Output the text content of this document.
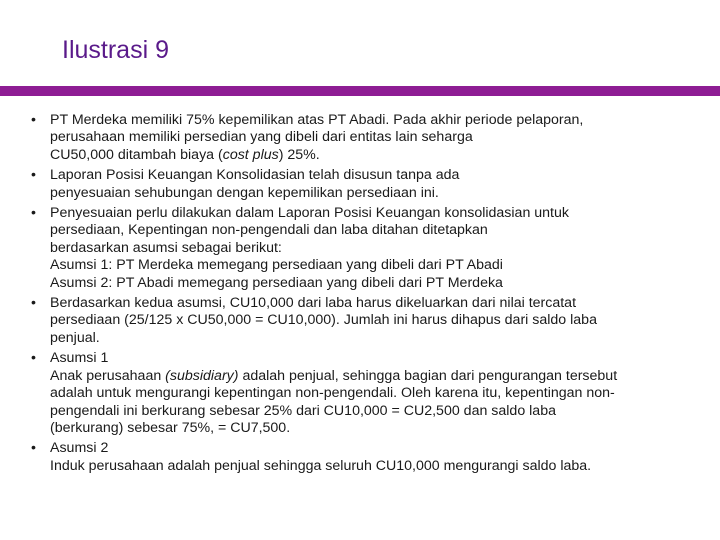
Ilustrasi 9
• PT Merdeka memiliki 75% kepemilikan atas PT Abadi. Pada akhir periode pelaporan,
perusahaan memiliki persedian yang dibeli dari entitas lain seharga
CU50,000 ditambah biaya (cost plus) 25%.
• Laporan Posisi Keuangan Konsolidasian telah disusun tanpa ada
penyesuaian sehubungan dengan kepemilikan persediaan ini.
• Penyesuaian perlu dilakukan dalam Laporan Posisi Keuangan konsolidasian untuk
persediaan, Kepentingan non-pengendali dan laba ditahan ditetapkan
berdasarkan asumsi sebagai berikut:
Asumsi 1: PT Merdeka memegang persediaan yang dibeli dari PT Abadi
Asumsi 2: PT Abadi memegang persediaan yang dibeli dari PT Merdeka
• Berdasarkan kedua asumsi, CU10,000 dari laba harus dikeluarkan dari nilai tercatat
persediaan (25/125 x CU50,000 = CU10,000). Jumlah ini harus dihapus dari saldo laba
penjual.
• Asumsi 1
Anak perusahaan (subsidiary) adalah penjual, sehingga bagian dari pengurangan tersebut
adalah untuk mengurangi kepentingan non-pengendali. Oleh karena itu, kepentingan non-
pengendali ini berkurang sebesar 25% dari CU10,000 = CU2,500 dan saldo laba
(berkurang) sebesar 75%, = CU7,500.
• Asumsi 2
Induk perusahaan adalah penjual sehingga seluruh CU10,000 mengurangi saldo laba.
